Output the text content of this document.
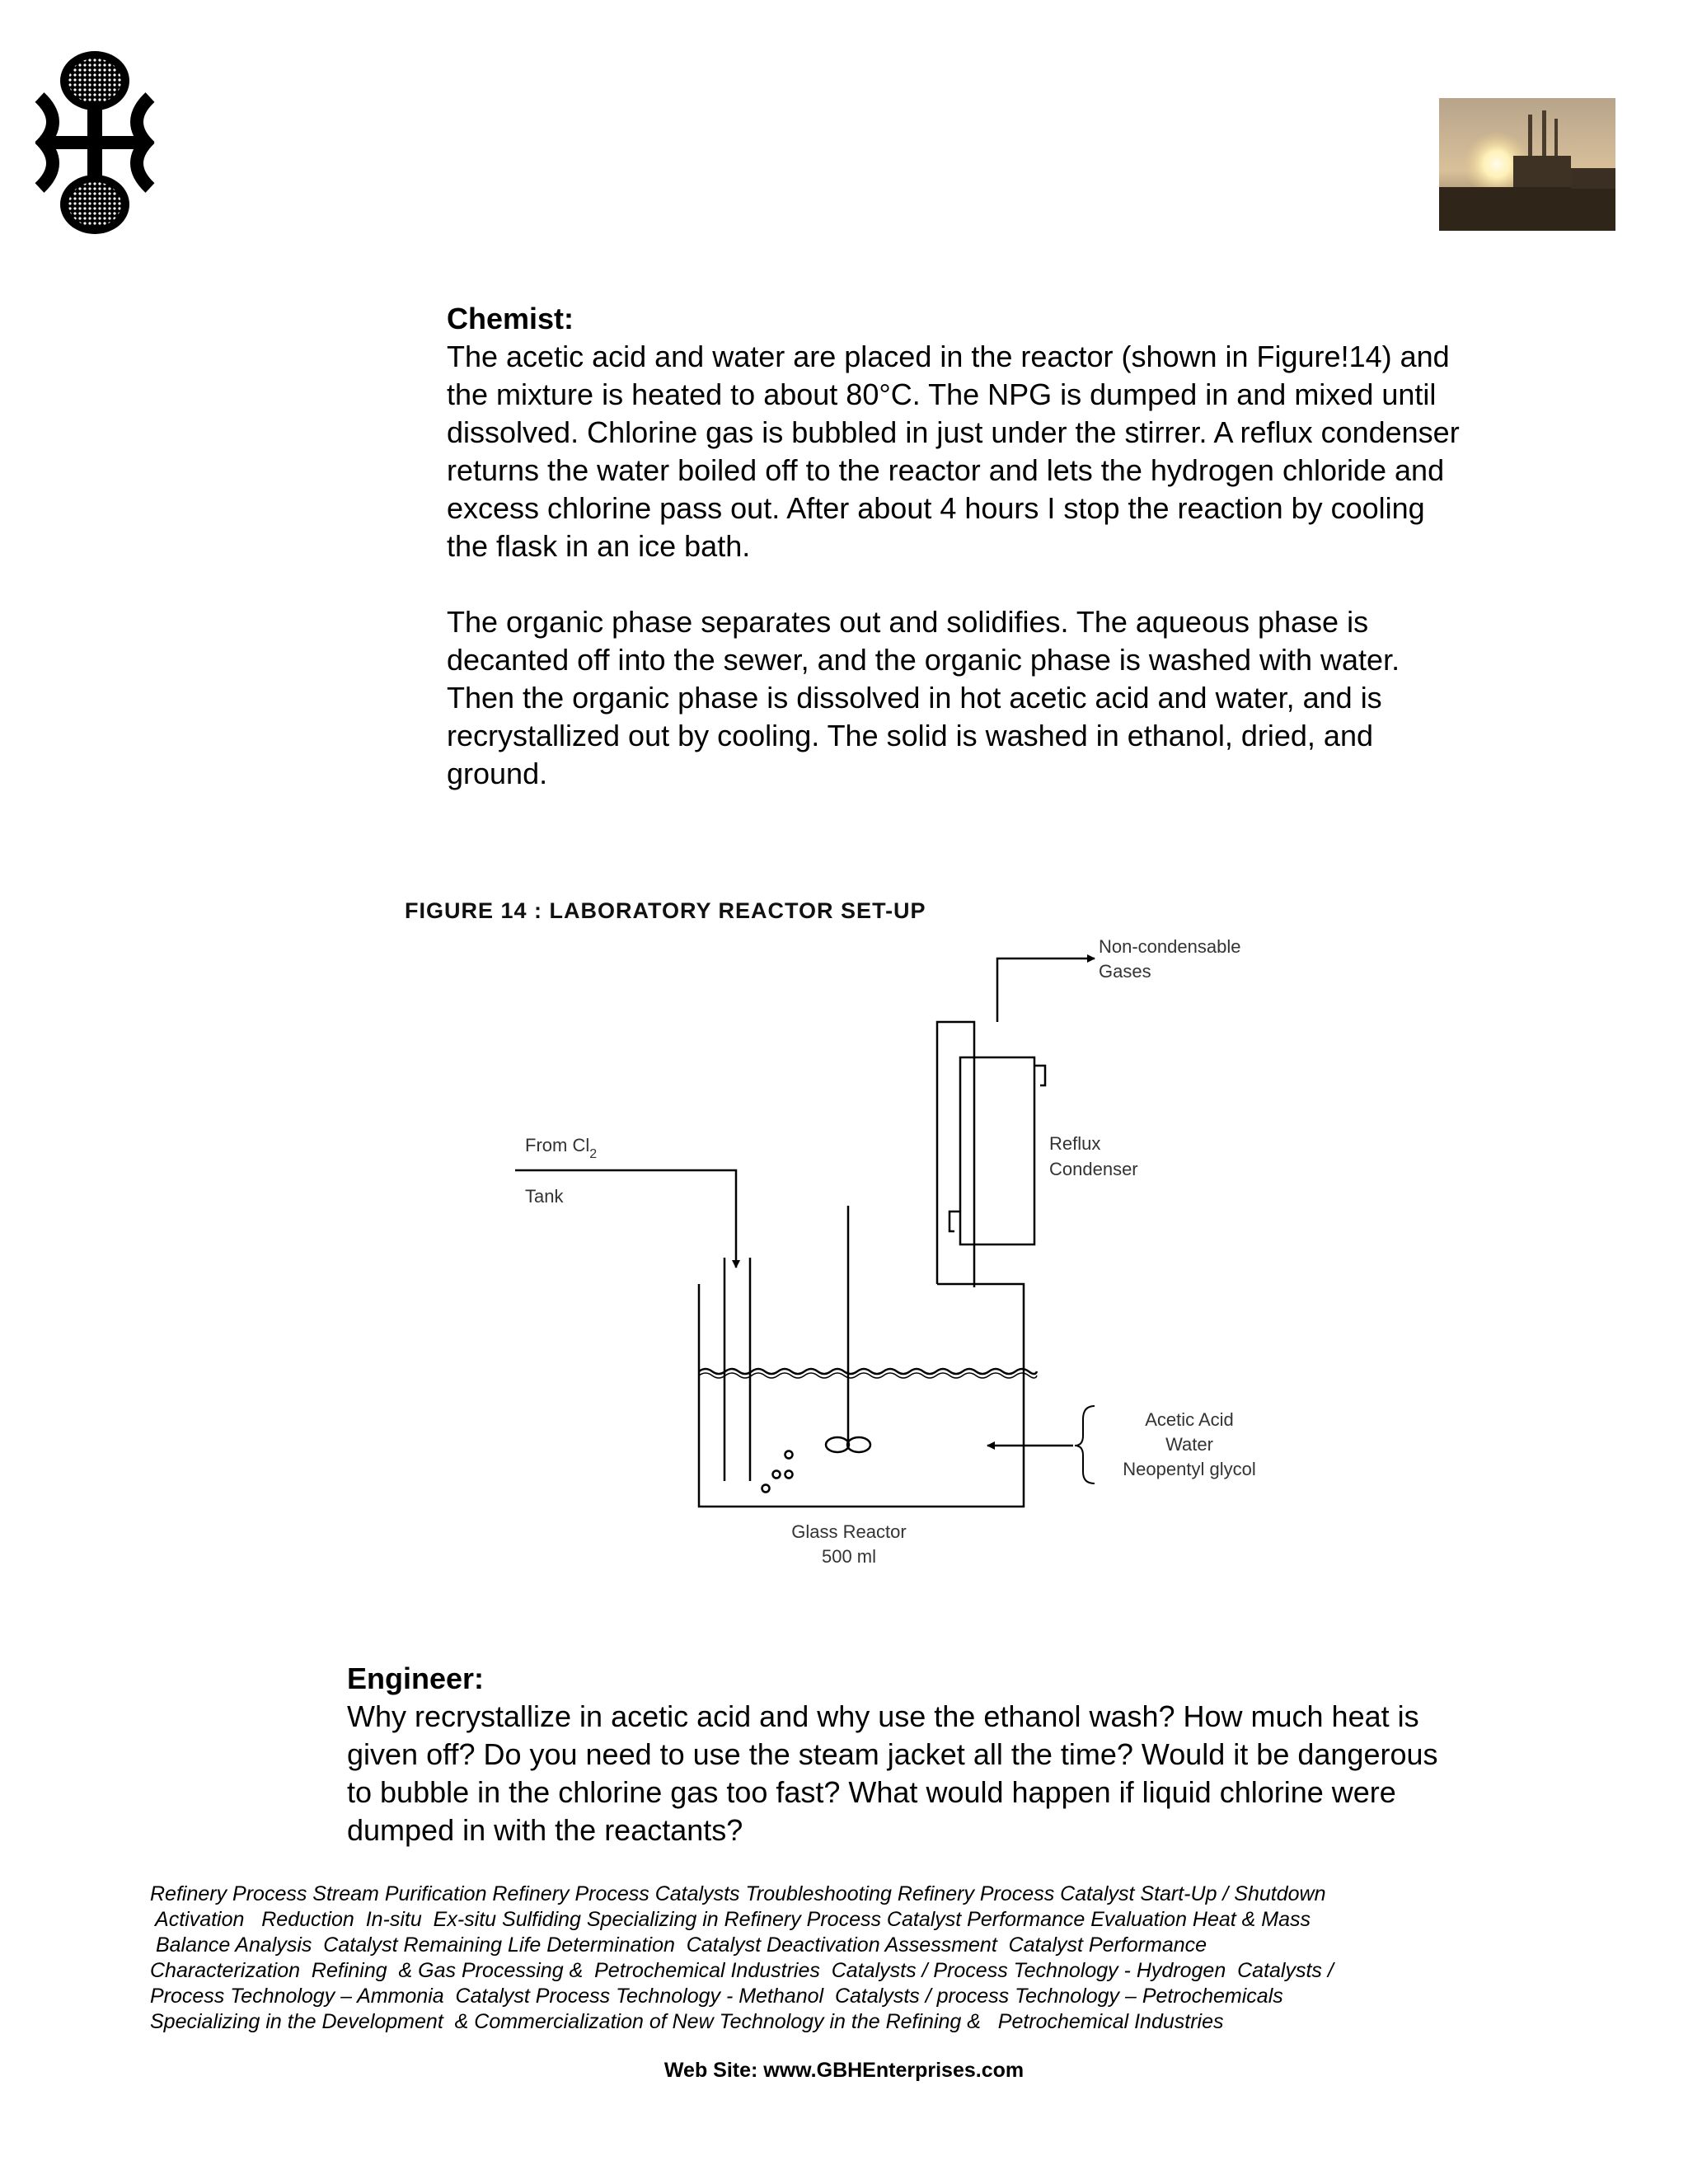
Chemist:

The acetic acid and water are placed in the reactor (shown in Figure!14) and the mixture is heated to about 80°C. The NPG is dumped in and mixed until dissolved. Chlorine gas is bubbled in just under the stirrer. A reflux condenser returns the water boiled off to the reactor and lets the hydrogen chloride and excess chlorine pass out. After about 4 hours I stop the reaction by cooling the flask in an ice bath.

The organic phase separates out and solidifies. The aqueous phase is decanted off into the sewer, and the organic phase is washed with water. Then the organic phase is dissolved in hot acetic acid and water, and is recrystallized out by cooling. The solid is washed in ethanol, dried, and ground.

FIGURE 14 : LABORATORY REACTOR SET-UP
Non-condensable
Gases
From $Cl_2$
Tank
Reflux
Condenser
Acetic Acid
Water
Neopentyl glycol
Glass Reactor
500 ml

Engineer:

Why recrystallize in acetic acid and why use the ethanol wash? How much heat is given off? Do you need to use the steam jacket all the time? Would it be dangerous to bubble in the chlorine gas too fast? What would happen if liquid chlorine were dumped in with the reactants?

Refinery Process Stream Purification Refinery Process Catalysts Troubleshooting Refinery Process Catalyst Start-Up / Shutdown
Activation   Reduction  In-situ  Ex-situ Sulfiding Specializing in Refinery Process Catalyst Performance Evaluation Heat & Mass
Balance Analysis  Catalyst Remaining Life Determination  Catalyst Deactivation Assessment  Catalyst Performance
Characterization  Refining  & Gas Processing &  Petrochemical Industries  Catalysts / Process Technology - Hydrogen  Catalysts /
Process Technology – Ammonia  Catalyst Process Technology - Methanol  Catalysts / process Technology – Petrochemicals
Specializing in the Development  & Commercialization of New Technology in the Refining &   Petrochemical Industries
Web Site: www.GBHEnterprises.com
